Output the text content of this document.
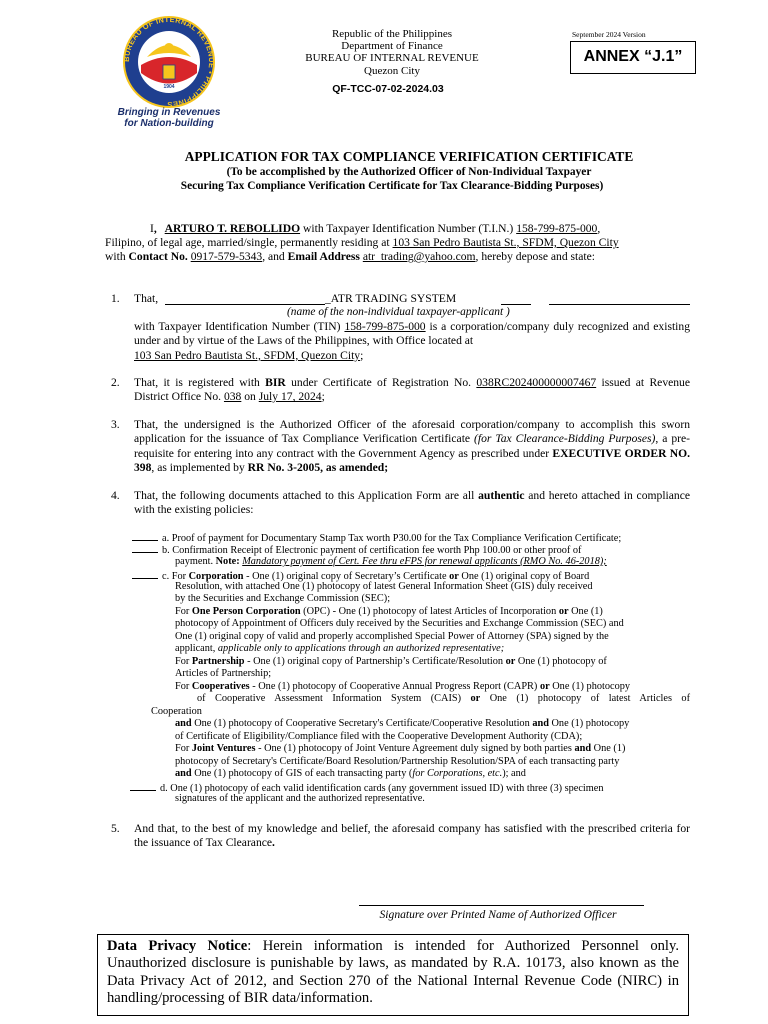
BUREAU OF INTERNAL REVENUE • PHILIPPINES
1904
Bringing in Revenues
for Nation-building
Republic of the Philippines
Department of Finance
BUREAU OF INTERNAL REVENUE
Quezon City
QF-TCC-07-02-2024.03
September 2024 Version
ANNEX “J.1”
APPLICATION FOR TAX COMPLIANCE VERIFICATION CERTIFICATE
(To be accomplished by the Authorized Officer of Non-Individual Taxpayer
Securing Tax Compliance Verification Certificate for Tax Clearance-Bidding Purposes)
I, ARTURO T. REBOLLIDO with Taxpayer Identification Number (T.I.N.) 158-799-875-000,
Filipino, of legal age, married/single, permanently residing at 103 San Pedro Bautista St., SFDM, Quezon City
with Contact No. 0917-579-5343, and Email Address atr_trading@yahoo.com, hereby depose and state:
1. That,	_ATR TRADING SYSTEM
(name of the non-individual taxpayer-applicant )
with Taxpayer Identification Number (TIN) 158-799-875-000 is a corporation/company duly recognized and existing under and by virtue of the Laws of the Philippines, with Office located at
103 San Pedro Bautista St., SFDM, Quezon City;
2. That, it is registered with BIR under Certificate of Registration No. 038RC202400000007467 issued at Revenue District Office No. 038 on July 17, 2024;
3. That, the undersigned is the Authorized Officer of the aforesaid corporation/company to accomplish this sworn application for the issuance of Tax Compliance Verification Certificate (for Tax Clearance-Bidding Purposes), a pre-requisite for entering into any contract with the Government Agency as prescribed under EXECUTIVE ORDER NO. 398, as implemented by RR No. 3-2005, as amended;
4. That, the following documents attached to this Application Form are all authentic and hereto attached in compliance with the existing policies:
a. Proof of payment for Documentary Stamp Tax worth P30.00 for the Tax Compliance Verification Certificate;
b. Confirmation Receipt of Electronic payment of certification fee worth Php 100.00 or other proof of
payment. Note: Mandatory payment of Cert. Fee thru eFPS for renewal applicants (RMO No. 46-2018);
c. For Corporation - One (1) original copy of Secretary’s Certificate or One (1) original copy of Board
Resolution, with attached One (1) photocopy of latest General Information Sheet (GIS) duly received
by the Securities and Exchange Commission (SEC);
For One Person Corporation (OPC) - One (1) photocopy of latest Articles of Incorporation or One (1)
photocopy of Appointment of Officers duly received by the Securities and Exchange Commission (SEC) and
One (1) original copy of valid and properly accomplished Special Power of Attorney (SPA) signed by the
applicant, applicable only to applications through an authorized representative;
For Partnership - One (1) original copy of Partnership’s Certificate/Resolution or One (1) photocopy of
Articles of Partnership;
For Cooperatives - One (1) photocopy of Cooperative Annual Progress Report (CAPR) or One (1) photocopy
of Cooperative Assessment Information System (CAIS) or One (1) photocopy of latest Articles of
Cooperation
and One (1) photocopy of Cooperative Secretary's Certificate/Cooperative Resolution and One (1) photocopy
of Certificate of Eligibility/Compliance filed with the Cooperative Development Authority (CDA);
For Joint Ventures - One (1) photocopy of Joint Venture Agreement duly signed by both parties and One (1)
photocopy of Secretary's Certificate/Board Resolution/Partnership Resolution/SPA of each transacting party
and One (1) photocopy of GIS of each transacting party (for Corporations, etc.); and
d. One (1) photocopy of each valid identification cards (any government issued ID) with three (3) specimen
signatures of the applicant and the authorized representative.
5. And that, to the best of my knowledge and belief, the aforesaid company has satisfied with the prescribed criteria for the issuance of Tax Clearance.
Signature over Printed Name of Authorized Officer
Data Privacy Notice: Herein information is intended for Authorized Personnel only. Unauthorized disclosure is punishable by laws, as mandated by R.A. 10173, also known as the Data Privacy Act of 2012, and Section 270 of the National Internal Revenue Code (NIRC) in handling/processing of BIR data/information.
